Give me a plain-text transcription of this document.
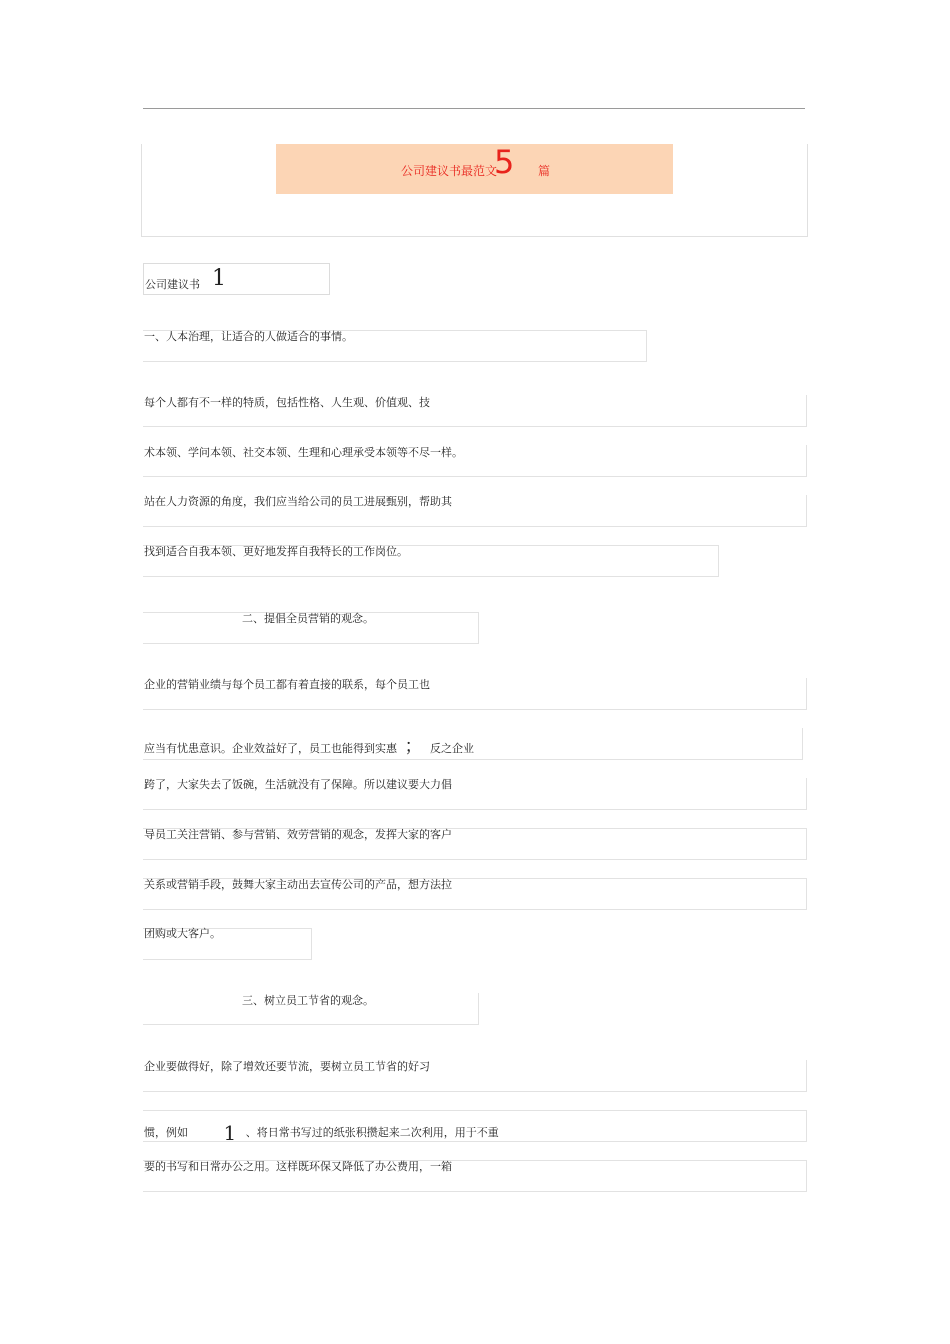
公司建议书最范文
5 篇
公司建议书 1
一、人本治理，让适合的人做适合的事情。
每个人都有不一样的特质，包括性格、人生观、价值观、技
术本领、学问本领、社交本领、生理和心理承受本领等不尽一样。
站在人力资源的角度，我们应当给公司的员工进展甄别，帮助其
找到适合自我本领、更好地发挥自我特长的工作岗位。
二、提倡全员营销的观念。
企业的营销业绩与每个员工都有着直接的联系，每个员工也
应当有忧患意识。企业效益好了，员工也能得到实惠 ； 反之企业
跨了，大家失去了饭碗，生活就没有了保障。所以建议要大力倡
导员工关注营销、参与营销、效劳营销的观念，发挥大家的客户
关系或营销手段，鼓舞大家主动出去宣传公司的产品，想方法拉
团购或大客户。
三、树立员工节省的观念。
企业要做得好，除了增效还要节流，要树立员工节省的好习
惯，例如 1 、将日常书写过的纸张积攒起来二次利用，用于不重
要的书写和日常办公之用。这样既环保又降低了办公费用，一箱
